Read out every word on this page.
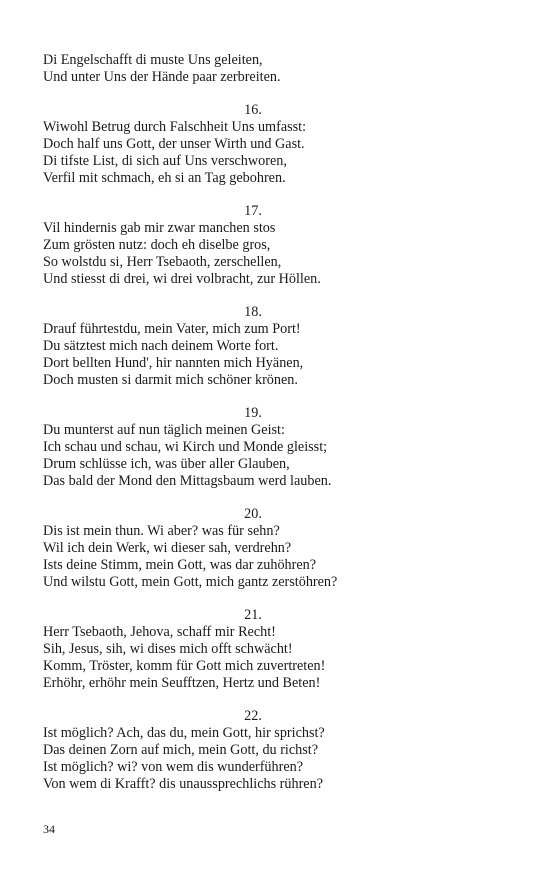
Di Engelschafft di muste Uns geleiten,
Und unter Uns der Hände paar zerbreiten.
16.
Wiwohl Betrug durch Falschheit Uns umfasst:
Doch half uns Gott, der unser Wirth und Gast.
Di tifste List, di sich auf Uns verschworen,
Verfil mit schmach, eh si an Tag gebohren.
17.
Vil hindernis gab mir zwar manchen stos
Zum grösten nutz: doch eh diselbe gros,
So wolstdu si, Herr Tsebaoth, zerschellen,
Und stiesst di drei, wi drei volbracht, zur Höllen.
18.
Drauf führtestdu, mein Vater, mich zum Port!
Du sätztest mich nach deinem Worte fort.
Dort bellten Hund', hir nannten mich Hyänen,
Doch musten si darmit mich schöner krönen.
19.
Du munterst auf nun täglich meinen Geist:
Ich schau und schau, wi Kirch und Monde gleisst;
Drum schlüsse ich, was über aller Glauben,
Das bald der Mond den Mittagsbaum werd lauben.
20.
Dis ist mein thun. Wi aber? was für sehn?
Wil ich dein Werk, wi dieser sah, verdrehn?
Ists deine Stimm, mein Gott, was dar zuhöhren?
Und wilstu Gott, mein Gott, mich gantz zerstöhren?
21.
Herr Tsebaoth, Jehova, schaff mir Recht!
Sih, Jesus, sih, wi dises mich offt schwächt!
Komm, Tröster, komm für Gott mich zuvertreten!
Erhöhr, erhöhr mein Seufftzen, Hertz und Beten!
22.
Ist möglich? Ach, das du, mein Gott, hir sprichst?
Das deinen Zorn auf mich, mein Gott, du richst?
Ist möglich? wi? von wem dis wunderführen?
Von wem di Krafft? dis unaussprechlichs rühren?
34
